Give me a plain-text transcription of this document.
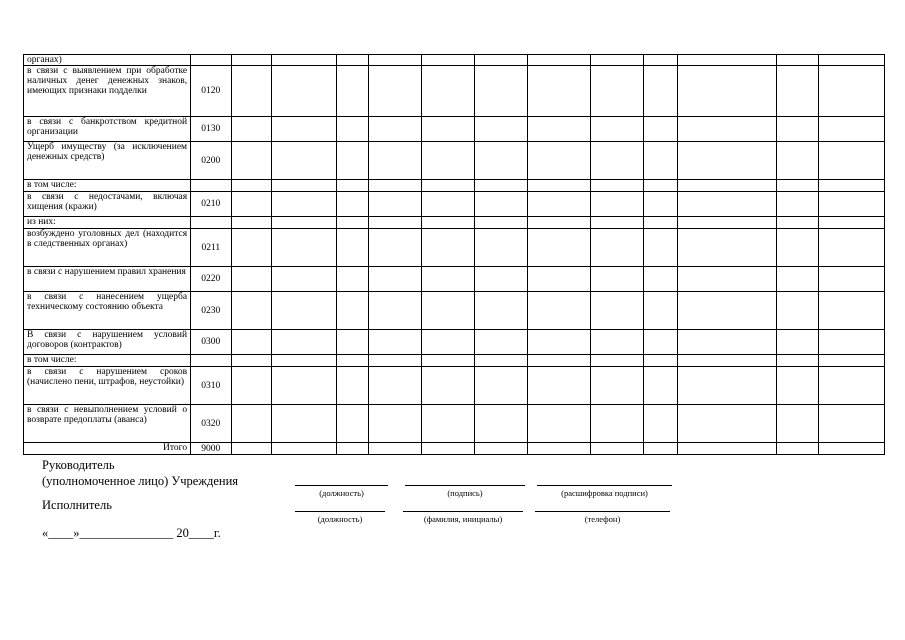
органах)													
в связи с выявлением при обработке наличных денег денежных знаков, имеющих признаки подделки	0120												
в связи с банкротством кредитной организации	0130												
Ущерб имуществу (за исключением денежных средств)	0200												
в том числе:													
в связи с недостачами, включая хищения (кражи)	0210												
из них:													
возбуждено уголовных дел (находится в следственных органах)	0211												
в связи с нарушением правил хранения	0220												
в связи с нанесением ущерба техническому состоянию объекта	0230												
В связи с нарушением условий договоров (контрактов)	0300												
в том числе:													
в связи с нарушением сроков (начислено пени, штрафов, неустойки)	0310												
в связи с невыполнением условий о возврате предоплаты (аванса)	0320												
Итого	9000												
Руководитель
(уполномоченное лицо) Учреждения
(должность)	(подпись)	(расшифровка подписи)
Исполнитель
(должность)	(фамилия, инициалы)	(телефон)
«____»_______________ 20____г.
